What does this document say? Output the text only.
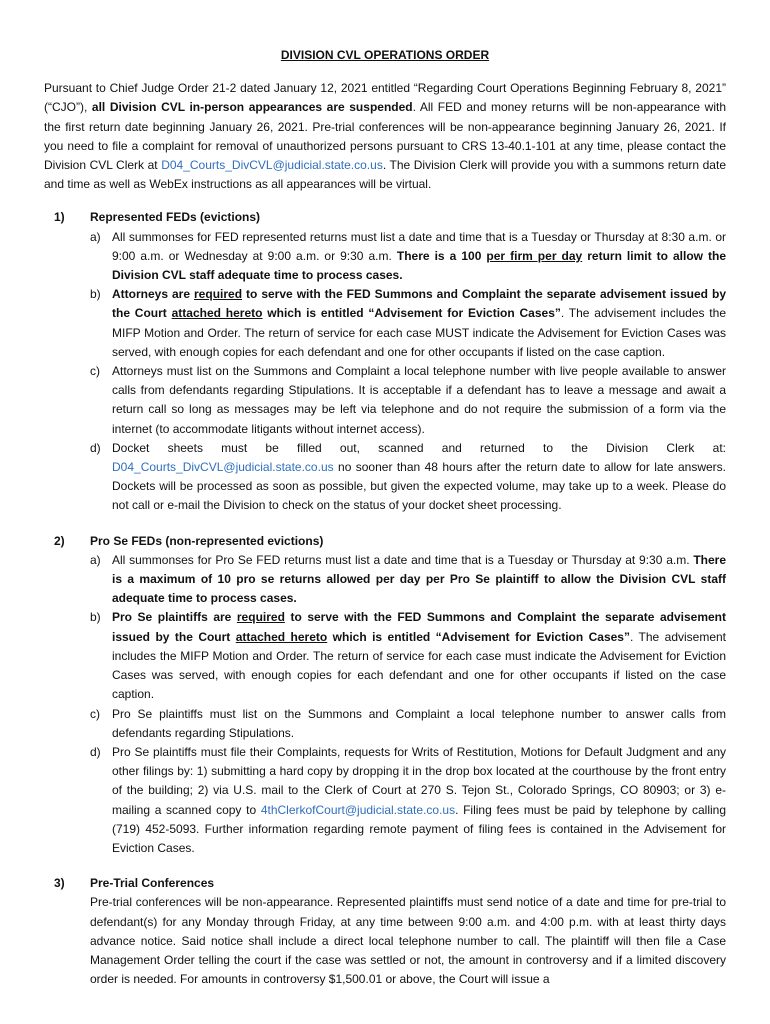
DIVISION CVL OPERATIONS ORDER

Pursuant to Chief Judge Order 21-2 dated January 12, 2021 entitled “Regarding Court Operations Beginning February 8, 2021” (“CJO”), all Division CVL in-person appearances are suspended. All FED and money returns will be non-appearance with the first return date beginning January 26, 2021. Pre-trial conferences will be non-appearance beginning January 26, 2021. If you need to file a complaint for removal of unauthorized persons pursuant to CRS 13-40.1-101 at any time, please contact the Division CVL Clerk at D04_Courts_DivCVL@judicial.state.co.us. The Division Clerk will provide you with a summons return date and time as well as WebEx instructions as all appearances will be virtual.

1)	Represented FEDs (evictions)
a) All summonses for FED represented returns must list a date and time that is a Tuesday or Thursday at 8:30 a.m. or 9:00 a.m. or Wednesday at 9:00 a.m. or 9:30 a.m. There is a 100 per firm per day return limit to allow the Division CVL staff adequate time to process cases.
b) Attorneys are required to serve with the FED Summons and Complaint the separate advisement issued by the Court attached hereto which is entitled “Advisement for Eviction Cases”. The advisement includes the MIFP Motion and Order. The return of service for each case MUST indicate the Advisement for Eviction Cases was served, with enough copies for each defendant and one for other occupants if listed on the case caption.
c)	Attorneys must list on the Summons and Complaint a local telephone number with live people available to answer calls from defendants regarding Stipulations. It is acceptable if a defendant has to leave a message and await a return call so long as messages may be left via telephone and do not require the submission of a form via the internet (to accommodate litigants without internet access).
d) Docket sheets must be filled out, scanned and returned to the Division Clerk at: D04_Courts_DivCVL@judicial.state.co.us no sooner than 48 hours after the return date to allow for late answers. Dockets will be processed as soon as possible, but given the expected volume, may take up to a week. Please do not call or e-mail the Division to check on the status of your docket sheet processing.
2)	Pro Se FEDs (non-represented evictions)
a) All summonses for Pro Se FED returns must list a date and time that is a Tuesday or Thursday at 9:30 a.m. There is a maximum of 10 pro se returns allowed per day per Pro Se plaintiff to allow the Division CVL staff adequate time to process cases.
b) Pro Se plaintiffs are required to serve with the FED Summons and Complaint the separate advisement issued by the Court attached hereto which is entitled “Advisement for Eviction Cases”. The advisement includes the MIFP Motion and Order. The return of service for each case must indicate the Advisement for Eviction Cases was served, with enough copies for each defendant and one for other occupants if listed on the case caption.
c)	Pro Se plaintiffs must list on the Summons and Complaint a local telephone number to answer calls from defendants regarding Stipulations.
d) Pro Se plaintiffs must file their Complaints, requests for Writs of Restitution, Motions for Default Judgment and any other filings by: 1) submitting a hard copy by dropping it in the drop box located at the courthouse by the front entry of the building; 2) via U.S. mail to the Clerk of Court at 270 S. Tejon St., Colorado Springs, CO 80903; or 3) e-mailing a scanned copy to 4thClerkofCourt@judicial.state.co.us. Filing fees must be paid by telephone by calling (719) 452-5093. Further information regarding remote payment of filing fees is contained in the Advisement for Eviction Cases.
3)	Pre-Trial Conferences
Pre-trial conferences will be non-appearance. Represented plaintiffs must send notice of a date and time for pre-trial to defendant(s) for any Monday through Friday, at any time between 9:00 a.m. and 4:00 p.m. with at least thirty days advance notice. Said notice shall include a direct local telephone number to call. The plaintiff will then file a Case Management Order telling the court if the case was settled or not, the amount in controversy and if a limited discovery order is needed. For amounts in controversy $1,500.01 or above, the Court will issue a
